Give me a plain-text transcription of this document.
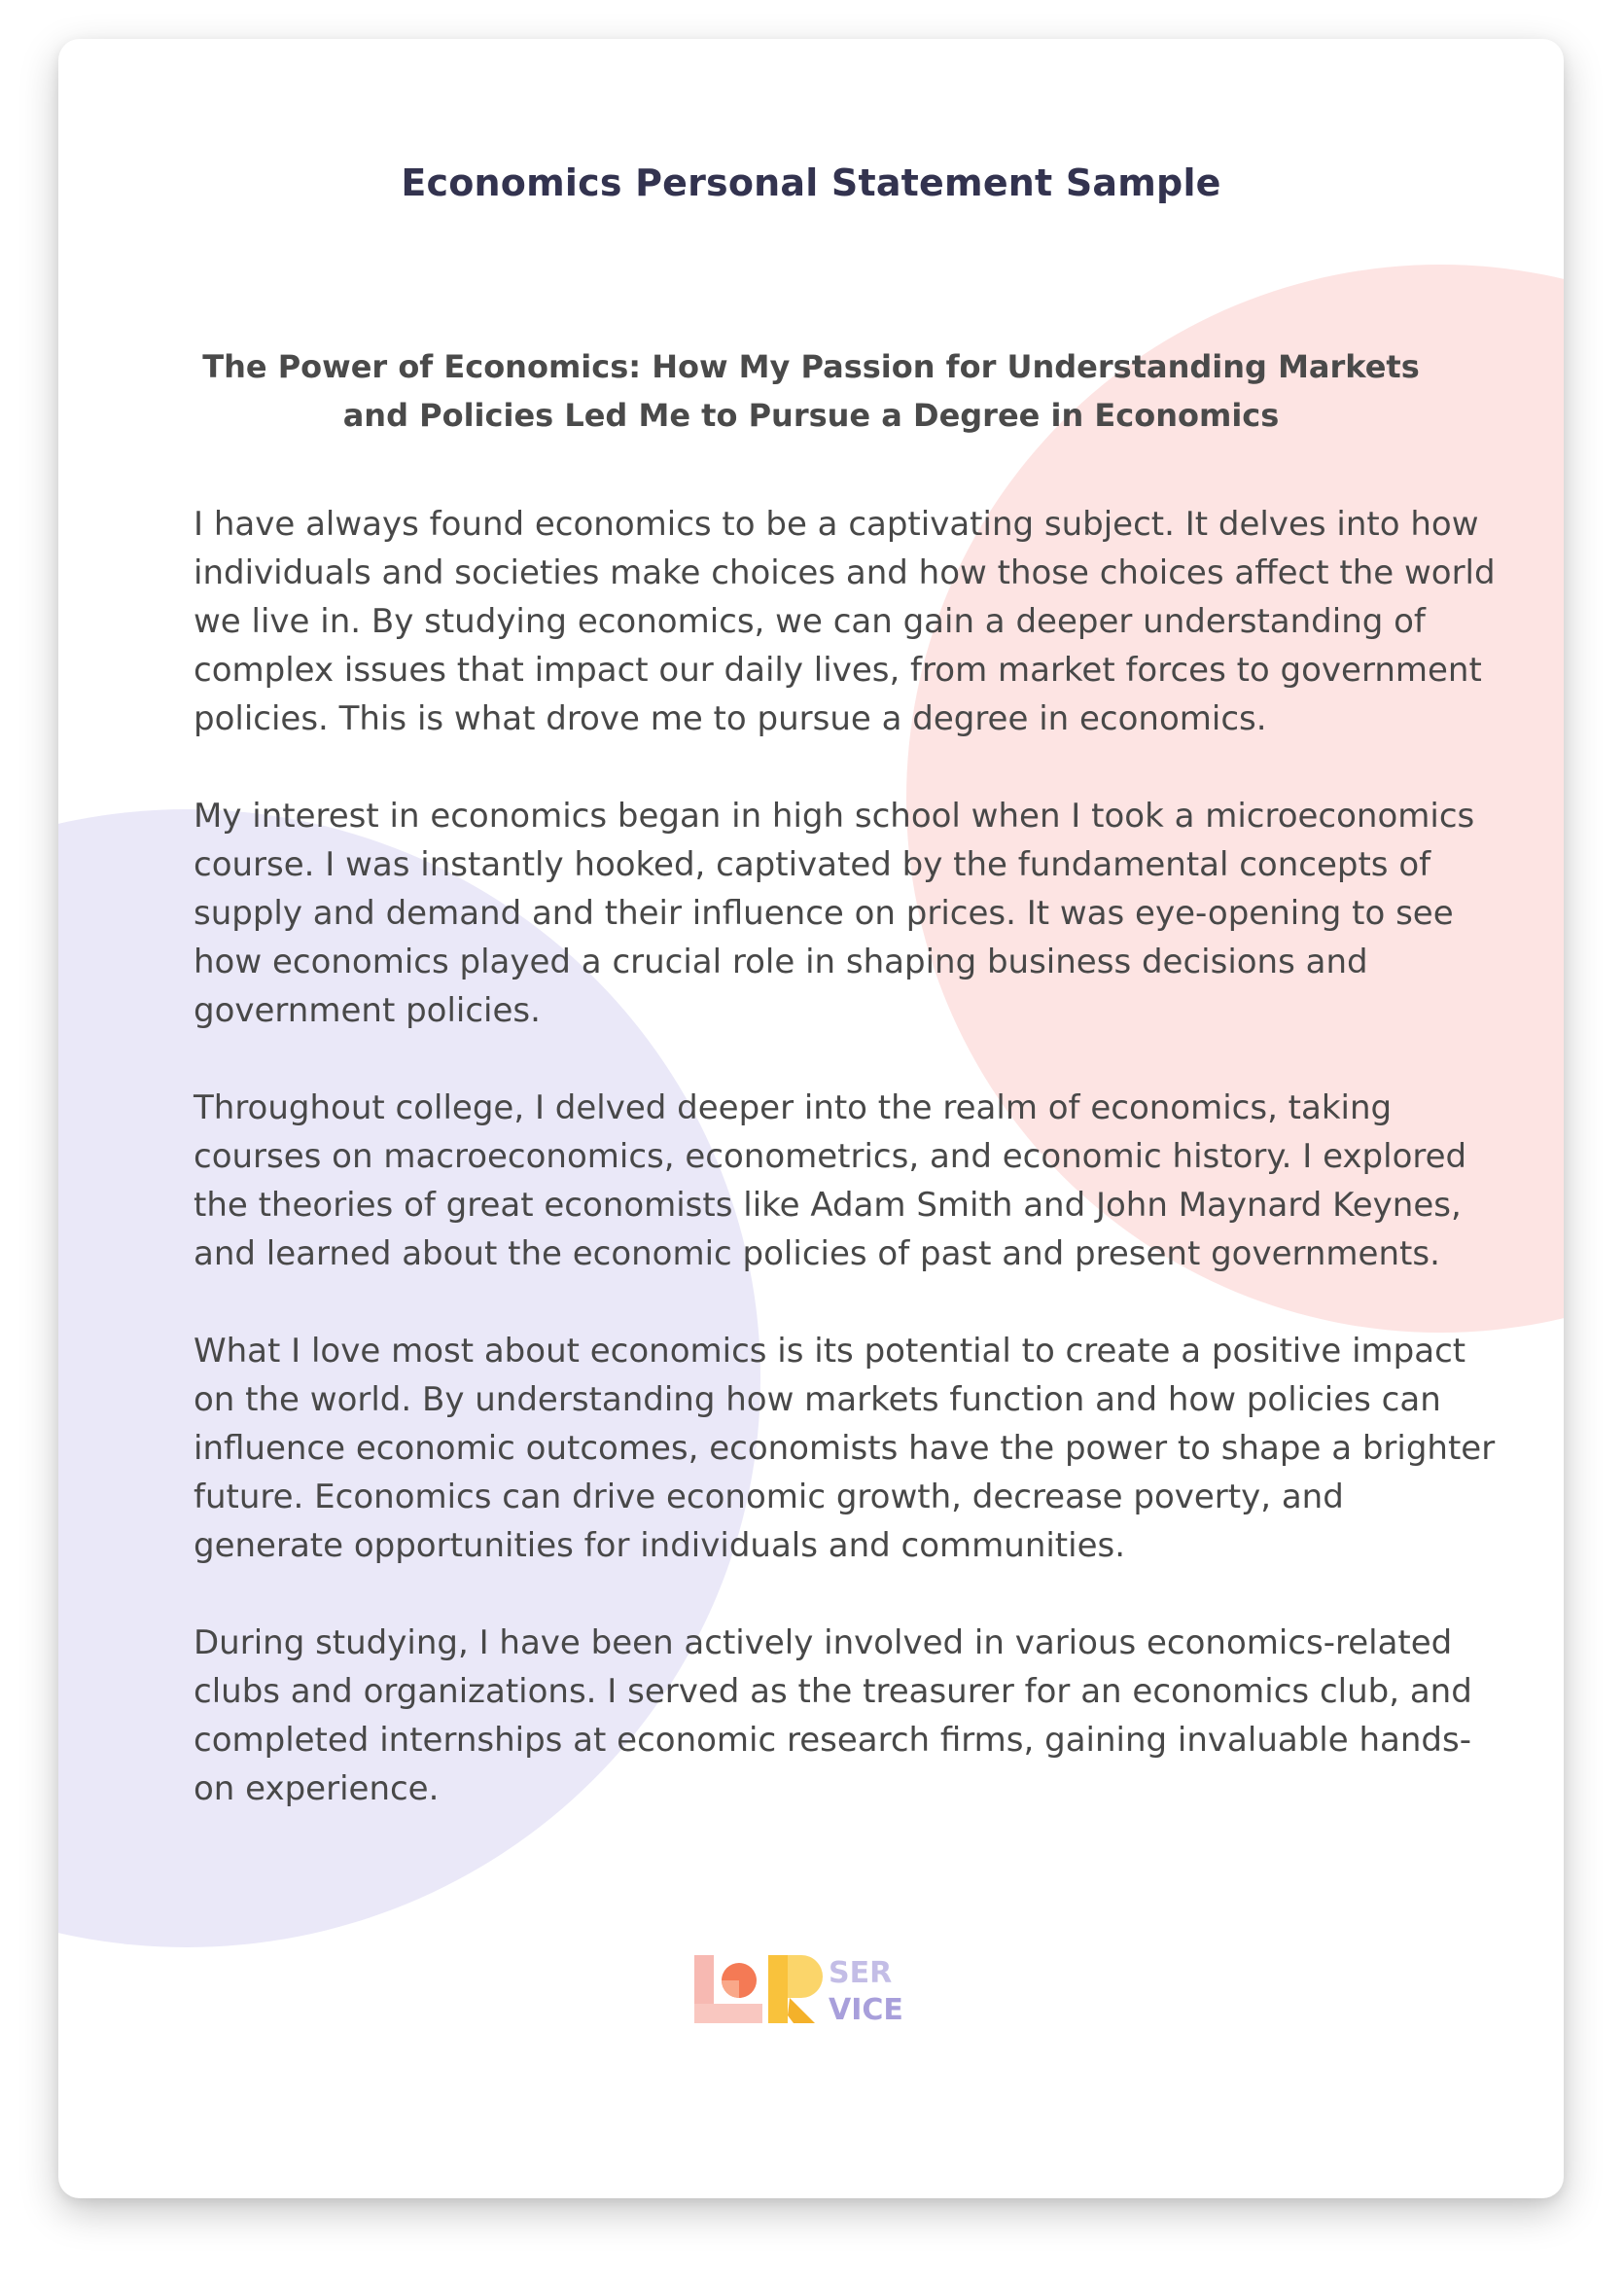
Economics Personal Statement Sample
The Power of Economics: How My Passion for Understanding Markets and Policies Led Me to Pursue a Degree in Economics

I have always found economics to be a captivating subject. It delves into how individuals and societies make choices and how those choices affect the world we live in. By studying economics, we can gain a deeper understanding of complex issues that impact our daily lives, from market forces to government policies. This is what drove me to pursue a degree in economics.

My interest in economics began in high school when I took a microeconomics course. I was instantly hooked, captivated by the fundamental concepts of supply and demand and their influence on prices. It was eye-opening to see how economics played a crucial role in shaping business decisions and government policies.

Throughout college, I delved deeper into the realm of economics, taking courses on macroeconomics, econometrics, and economic history. I explored the theories of great economists like Adam Smith and John Maynard Keynes, and learned about the economic policies of past and present governments.

What I love most about economics is its potential to create a positive impact on the world. By understanding how markets function and how policies can influence economic outcomes, economists have the power to shape a brighter future. Economics can drive economic growth, decrease poverty, and generate opportunities for individuals and communities.

During studying, I have been actively involved in various economics-related clubs and organizations. I served as the treasurer for an economics club, and completed internships at economic research firms, gaining invaluable hands-on experience.

SER
VICE
